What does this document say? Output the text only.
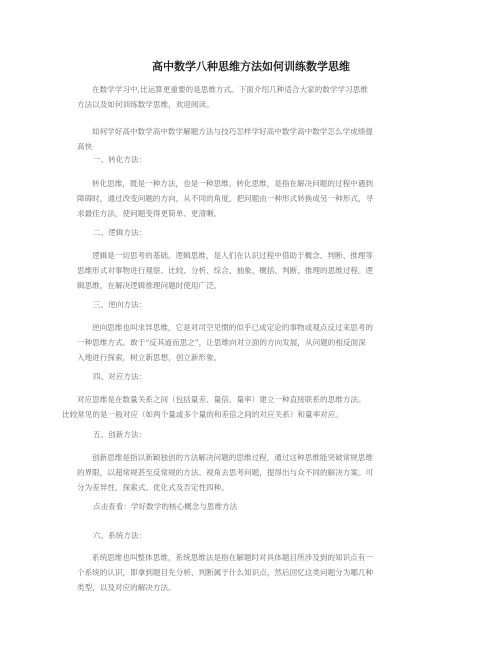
高中数学八种思维方法如何训练数学思维

在数学学习中,比运算更重要的是思维方式。下面介绍几种适合大家的数学学习思维
方法以及如何训练数学思维，欢迎阅读。

如何学好高中数学高中数学解题方法与技巧怎样学好高中数学高中数学怎么学成绩提
高快

一、转化方法：

转化思维，既是一种方法，也是一种思维。转化思维，是指在解决问题的过程中遇到
障碍时，通过改变问题的方向，从不同的角度，把问题由一种形式转换成另一种形式，寻
求最佳方法，使问题变得更简单、更清晰。

二、逻辑方法：

逻辑是一切思考的基础。逻辑思维，是人们在认识过程中借助于概念、判断、推理等
思维形式对事物进行观察、比较、分析、综合、抽象、概括、判断、推理的思维过程。逻
辑思维，在解决逻辑推理问题时使用广泛。

三、逆向方法：

逆向思维也叫求异思维，它是对司空见惯的似乎已成定论的事物或观点反过来思考的
一种思维方式。敢于“反其道而思之”，让思维向对立面的方向发展，从问题的相反面深
入地进行探索，树立新思想，创立新形象。

四、对应方法：

对应思维是在数量关系之间（包括量差、量倍、量率）建立一种直接联系的思维方法。
比较常见的是一般对应（如两个量或多个量的和差倍之间的对应关系）和量率对应。

五、创新方法：

创新思维是指以新颖独创的方法解决问题的思维过程，通过这种思维能突破常规思维
的界限，以超常规甚至反常规的方法、视角去思考问题，提得出与众不同的解决方案。可
分为差异性、探索式、优化式及否定性四种。

点击查看：学好数学的核心概念与思维方法
六、系统方法：

系统思维也叫整体思维，系统思维法是指在解题时对具体题目所涉及到的知识点有一
个系统的认识，即拿到题目先分析、判断属于什么知识点，然后回忆这类问题分为哪几种
类型，以及对应的解决方法。
